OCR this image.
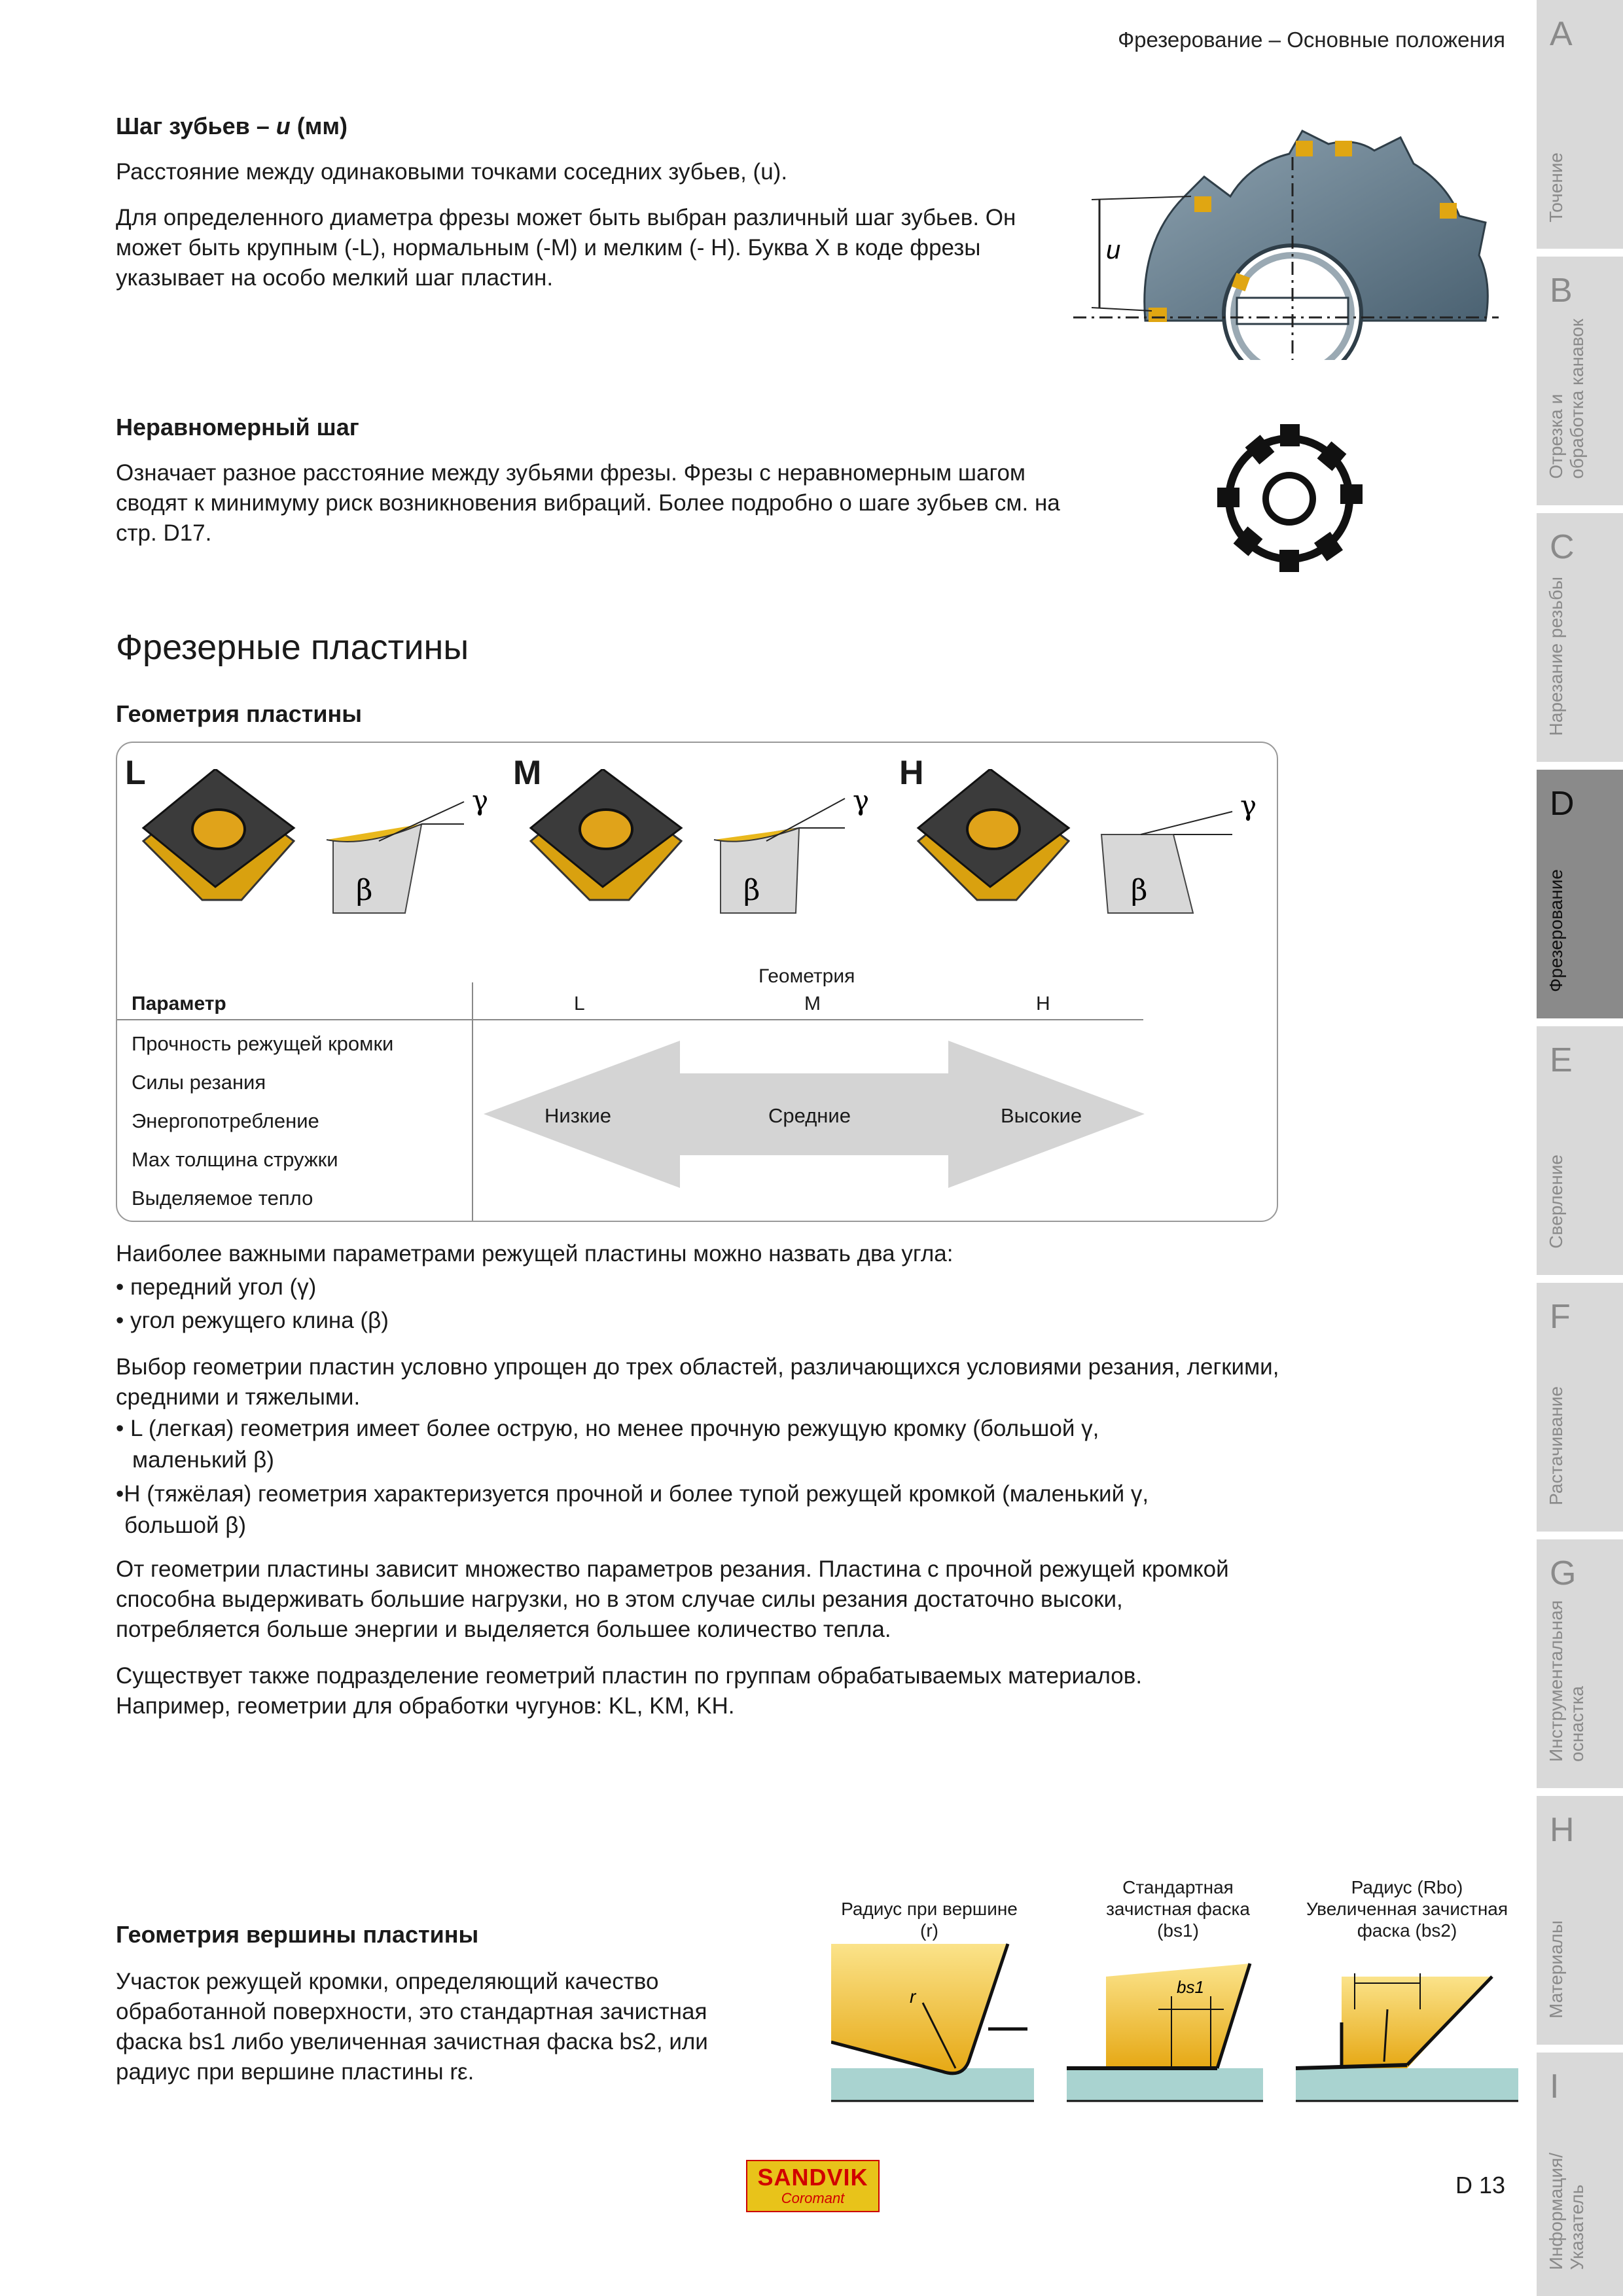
Фрезерование – Основные положения
Шаг зубьев – u (мм)

Расстояние между одинаковыми точками соседних зубьев, (u).

Для определенного диаметра фрезы может быть выбран различный шаг зубьев. Он может быть крупным (-L), нормальным (-M) и мелким (- H). Буква X в коде фрезы указывает на особо мелкий шаг пластин.

u
Неравномерный шаг

Означает разное расстояние между зубьями фрезы. Фрезы с неравномерным шагом сводят к минимуму риск возникновения вибраций. Более подробно о шаге зубьев см. на стр. D17.

Фрезерные пластины
Геометрия пластины
L	M	H
γ
β
γ
β
γ
β
Геометрия
Параметр	L	M	H
Прочность режущей кромки
Силы резания
Энергопотребление
Max толщина стружки
Выделяемое тепло
Низкие	Средние	Высокие

Наиболее важными параметрами режущей пластины можно назвать два угла:

• передний угол (γ)

• угол режущего клина (β)

Выбор геометрии пластин условно упрощен до трех областей, различающихся условиями резания, легкими, средними и тяжелыми.

• L (легкая) геометрия имеет более острую, но менее прочную режущую кромку (большой γ,

маленький β)

•H (тяжёлая) геометрия характеризуется прочной и более тупой режущей кромкой (маленький γ,

большой β)

От геометрии пластины зависит множество параметров резания. Пластина с прочной режущей кромкой способна выдерживать большие нагрузки, но в этом случае силы резания достаточно высоки, потребляется больше энергии и выделяется большее количество тепла.

Существует также подразделение геометрий пластин по группам обрабатываемых материалов. Например, геометрии для обработки чугунов: KL, KM, KH.

Геометрия вершины пластины

Участок режущей кромки, определяющий качество обработанной поверхности, это стандартная зачистная фаска bs1 либо увеличенная зачистная фаска bs2, или радиус при вершине пластины rε.

Радиус при вершине
(r)
Стандартная
зачистная фаска
(bs1)
Радиус (Rbo)
Увеличенная зачистная
фаска (bs2)
r	bs1
SANDVIK
Coromant	D 13
A
Точение
B
Отрезка и
обработка канавок
C
Нарезание резьбы
D
Фрезерование
E
Сверление
F
Растачивание
G
Инструментальная
оснастка
H
Материалы
I
Информация/
Указатель
